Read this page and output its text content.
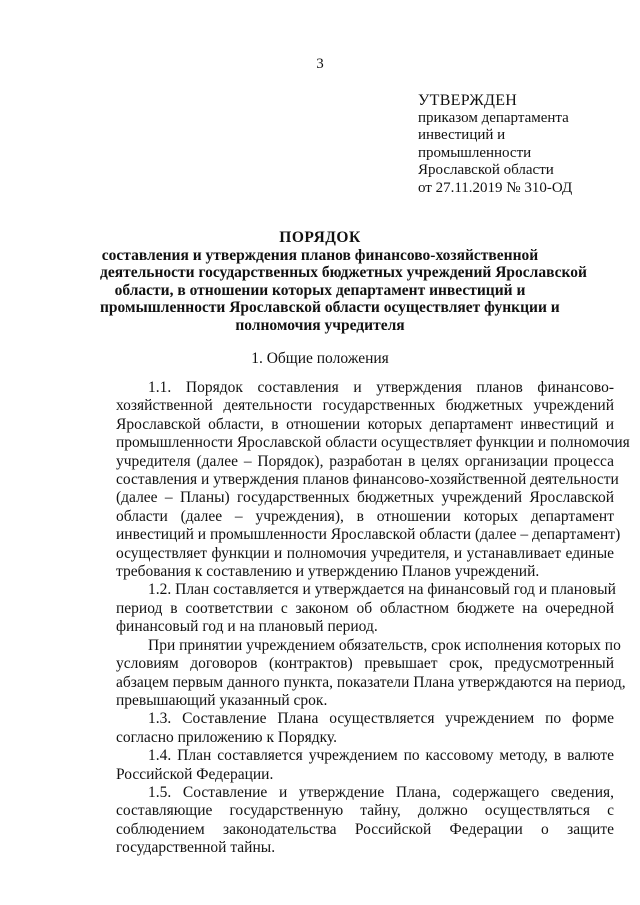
3
УТВЕРЖДЕН
приказом департамента
инвестиций и
промышленности
Ярославской области
от 27.11.2019 № 310-ОД
ПОРЯДОК
составления и утверждения планов финансово-хозяйственной
деятельности государственных бюджетных учреждений Ярославской
области, в отношении которых департамент инвестиций и
промышленности Ярославской области осуществляет функции и
полномочия учредителя
1. Общие положения
1.1. Порядок составления и утверждения планов финансово-
хозяйственной деятельности государственных бюджетных учреждений
Ярославской области, в отношении которых департамент инвестиций и
промышленности Ярославской области осуществляет функции и полномочия
учредителя (далее – Порядок), разработан в целях организации процесса
составления и утверждения планов финансово-хозяйственной деятельности
(далее – Планы) государственных бюджетных учреждений Ярославской
области (далее – учреждения), в отношении которых департамент
инвестиций и промышленности Ярославской области (далее – департамент)
осуществляет функции и полномочия учредителя, и устанавливает единые
требования к составлению и утверждению Планов учреждений.
1.2. План составляется и утверждается на финансовый год и плановый
период в соответствии с законом об областном бюджете на очередной
финансовый год и на плановый период.
При принятии учреждением обязательств, срок исполнения которых по
условиям договоров (контрактов) превышает срок, предусмотренный
абзацем первым данного пункта, показатели Плана утверждаются на период,
превышающий указанный срок.
1.3. Составление Плана осуществляется учреждением по форме
согласно приложению к Порядку.
1.4. План составляется учреждением по кассовому методу, в валюте
Российской Федерации.
1.5. Составление и утверждение Плана, содержащего сведения,
составляющие государственную тайну, должно осуществляться с
соблюдением законодательства Российской Федерации о защите
государственной тайны.
